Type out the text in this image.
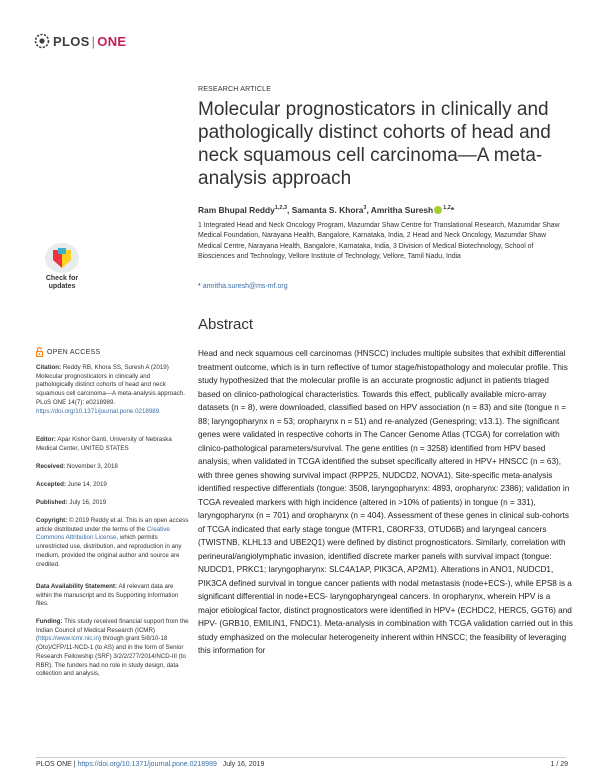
PLOS | ONE
RESEARCH ARTICLE
Molecular prognosticators in clinically and pathologically distinct cohorts of head and neck squamous cell carcinoma—A meta-analysis approach
Ram Bhupal Reddy$^{1,2,3}$, Samanta S. Khora$^3$, Amritha Suresh $^{1,2}$*
1 Integrated Head and Neck Oncology Program, Mazumdar Shaw Centre for Translational Research, Mazumdar Shaw Medical Foundation, Narayana Health, Bangalore, Karnataka, India, 2 Head and Neck Oncology, Mazumdar Shaw Medical Centre, Narayana Health, Bangalore, Karnataka, India, 3 Division of Medical Biotechnology, School of Biosciences and Technology, Vellore Institute of Technology, Vellore, Tamil Nadu, India
* amritha.suresh@ms-mf.org
Check for
updates
OPEN ACCESS
Citation: Reddy RB, Khora SS, Suresh A (2019) Molecular prognosticators in clinically and pathologically distinct cohorts of head and neck squamous cell carcinoma—A meta-analysis approach. PLoS ONE 14(7): e0218989. https://doi.org/10.1371/journal.pone.0218989
Editor: Apar Kishor Ganti, University of Nebraska Medical Center, UNITED STATES
Received: November 3, 2018
Accepted: June 14, 2019
Published: July 16, 2019
Copyright: © 2019 Reddy et al. This is an open access article distributed under the terms of the Creative Commons Attribution License, which permits unrestricted use, distribution, and reproduction in any medium, provided the original author and source are credited.
Data Availability Statement: All relevant data are within the manuscript and its Supporting Information files.
Funding: This study received financial support from the Indian Council of Medical Research (ICMR) (https://www.icmr.nic.in) through grant 5/8/10-18 (Oto)/CFP/11-NCD-1 (to AS) and in the form of Senior Research Fellowship (SRF) 3/2/2/277/2014/NCD-III (to RBR). The funders had no role in study design, data collection and analysis,
Abstract
Head and neck squamous cell carcinomas (HNSCC) includes multiple subsites that exhibit differential treatment outcome, which is in turn reflective of tumor stage/histopathology and molecular profile. This study hypothesized that the molecular profile is an accurate prognostic adjunct in patients triaged based on clinico-pathological characteristics. Towards this effect, publically available micro-array datasets (n = 8), were downloaded, classified based on HPV association (n = 83) and site (tongue n = 88; laryngopharynx n = 53; oropharynx n = 51) and re-analyzed (Genespring; v13.1). The significant genes were validated in respective cohorts in The Cancer Genome Atlas (TCGA) for correlation with clinico-pathological parameters/survival. The gene entities (n = 3258) identified from HPV based analysis, when validated in TCGA identified the subset specifically altered in HPV+ HNSCC (n = 63), with three genes showing survival impact (RPP25, NUDCD2, NOVA1). Site-specific meta-analysis identified respective differentials (tongue: 3508, laryngopharynx: 4893, oropharynx: 2386); validation in TCGA revealed markers with high incidence (altered in >10% of patients) in tongue (n = 331), laryngopharynx (n = 701) and oropharynx (n = 404). Assessment of these genes in clinical sub-cohorts of TCGA indicated that early stage tongue (MTFR1, C8ORF33, OTUD6B) and laryngeal cancers (TWISTNB, KLHL13 and UBE2Q1) were defined by distinct prognosticators. Similarly, correlation with perineural/angiolymphatic invasion, identified discrete marker panels with survival impact (tongue: NUDCD1, PRKC1; laryngopharynx: SLC4A1AP, PIK3CA, AP2M1). Alterations in ANO1, NUDCD1, PIK3CA defined survival in tongue cancer patients with nodal metastasis (node+ECS-), while EPS8 is a significant differential in node+ECS- laryngopharyngeal cancers. In oropharynx, wherein HPV is a major etiological factor, distinct prognosticators were identified in HPV+ (ECHDC2, HERC5, GGT6) and HPV- (GRB10, EMILIN1, FNDC1). Meta-analysis in combination with TCGA validation carried out in this study emphasized on the molecular heterogeneity inherent within HNSCC; the feasibility of leveraging this information for
PLOS ONE | https://doi.org/10.1371/journal.pone.0218989 July 16, 2019	1 / 29
